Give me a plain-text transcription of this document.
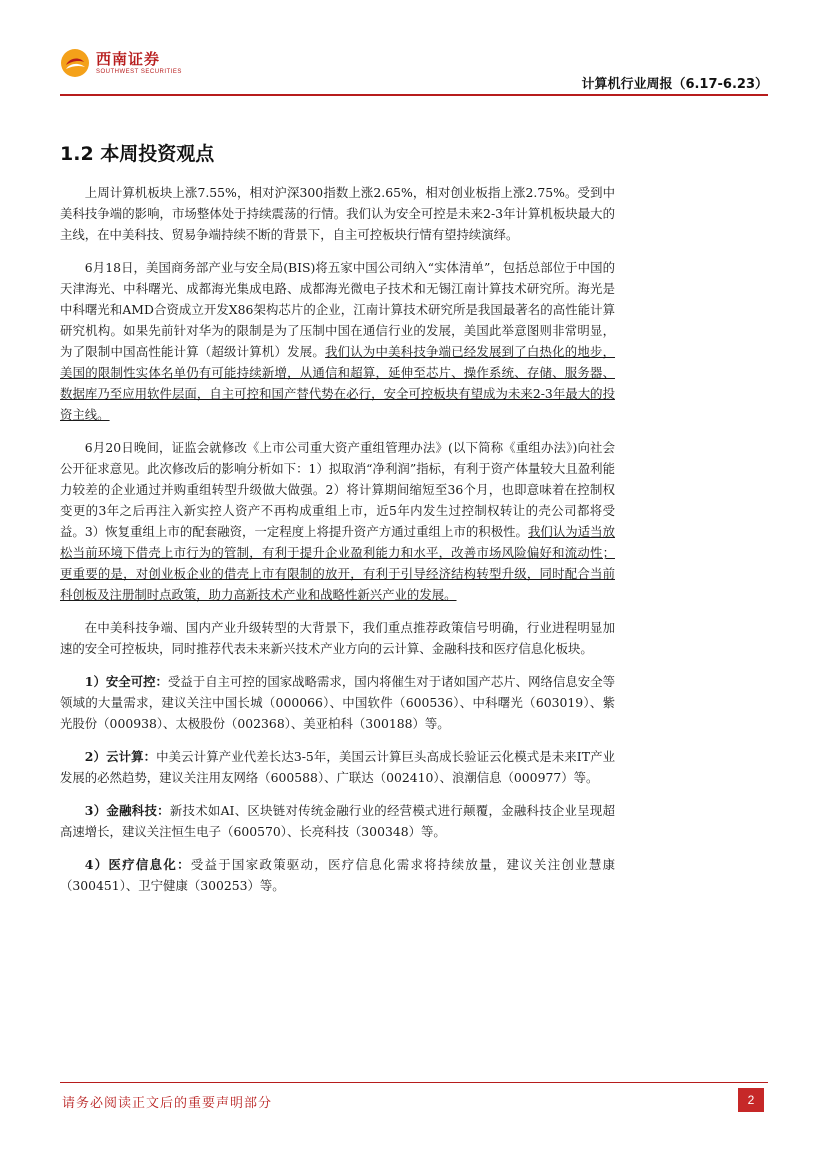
西南证券
SOUTHWEST SECURITIES
计算机行业周报（6.17-6.23）
1.2 本周投资观点

上周计算机板块上涨7.55%，相对沪深300指数上涨2.65%，相对创业板指上涨2.75%。受到中美科技争端的影响，市场整体处于持续震荡的行情。我们认为安全可控是未来2-3年计算机板块最大的主线，在中美科技、贸易争端持续不断的背景下，自主可控板块行情有望持续演绎。

6月18日，美国商务部产业与安全局(BIS)将五家中国公司纳入“实体清单”，包括总部位于中国的天津海光、中科曙光、成都海光集成电路、成都海光微电子技术和无锡江南计算技术研究所。海光是中科曙光和AMD合资成立开发X86架构芯片的企业，江南计算技术研究所是我国最著名的高性能计算研究机构。如果先前针对华为的限制是为了压制中国在通信行业的发展，美国此举意图则非常明显，为了限制中国高性能计算（超级计算机）发展。我们认为中美科技争端已经发展到了白热化的地步，美国的限制性实体名单仍有可能持续新增，从通信和超算，延伸至芯片、操作系统、存储、服务器、数据库乃至应用软件层面，自主可控和国产替代势在必行，安全可控板块有望成为未来2-3年最大的投资主线。

6月20日晚间，证监会就修改《上市公司重大资产重组管理办法》(以下简称《重组办法》)向社会公开征求意见。此次修改后的影响分析如下：1）拟取消“净利润”指标，有利于资产体量较大且盈利能力较差的企业通过并购重组转型升级做大做强。2）将计算期间缩短至36个月，也即意味着在控制权变更的3年之后再注入新实控人资产不再构成重组上市，近5年内发生过控制权转让的壳公司都将受益。3）恢复重组上市的配套融资，一定程度上将提升资产方通过重组上市的积极性。我们认为适当放松当前环境下借壳上市行为的管制，有利于提升企业盈利能力和水平，改善市场风险偏好和流动性；更重要的是，对创业板企业的借壳上市有限制的放开，有利于引导经济结构转型升级，同时配合当前科创板及注册制时点政策，助力高新技术产业和战略性新兴产业的发展。

在中美科技争端、国内产业升级转型的大背景下，我们重点推荐政策信号明确，行业进程明显加速的安全可控板块，同时推荐代表未来新兴技术产业方向的云计算、金融科技和医疗信息化板块。

1）安全可控：受益于自主可控的国家战略需求，国内将催生对于诸如国产芯片、网络信息安全等领域的大量需求，建议关注中国长城（000066）、中国软件（600536）、中科曙光（603019）、紫光股份（000938）、太极股份（002368）、美亚柏科（300188）等。

2）云计算：中美云计算产业代差长达3-5年，美国云计算巨头高成长验证云化模式是未来IT产业发展的必然趋势，建议关注用友网络（600588）、广联达（002410）、浪潮信息（000977）等。

3）金融科技：新技术如AI、区块链对传统金融行业的经营模式进行颠覆，金融科技企业呈现超高速增长，建议关注恒生电子（600570）、长亮科技（300348）等。

4）医疗信息化：受益于国家政策驱动，医疗信息化需求将持续放量，建议关注创业慧康（300451）、卫宁健康（300253）等。

请务必阅读正文后的重要声明部分	2
